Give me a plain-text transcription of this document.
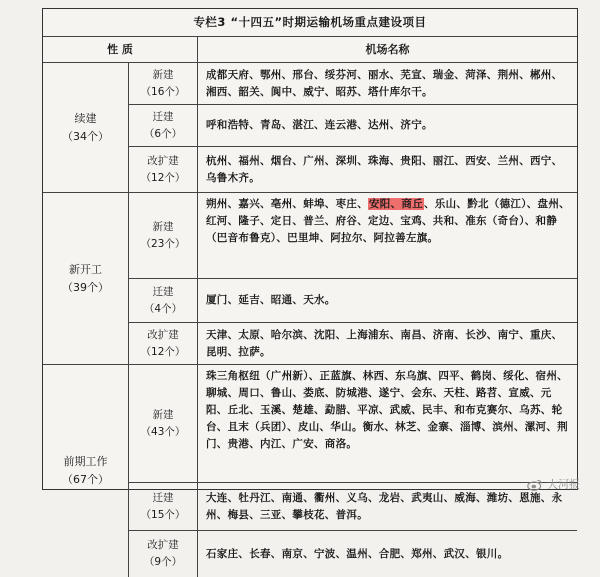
专栏3 “十四五”时期运输机场重点建设项目
性 质	机场名称
续建
（34个）
新建
（16个）
成都天府、鄂州、邢台、绥芬河、丽水、芜宣、瑞金、菏泽、荆州、郴州、湘西、韶关、阆中、威宁、昭苏、塔什库尔干。
迁建
（6个）
呼和浩特、青岛、湛江、连云港、达州、济宁。
改扩建
（12个）
杭州、福州、烟台、广州、深圳、珠海、贵阳、丽江、西安、兰州、西宁、乌鲁木齐。
新开工
（39个）
新建
（23个）
朔州、嘉兴、亳州、蚌埠、枣庄、安阳、商丘、乐山、黔北（德江）、盘州、红河、隆子、定日、普兰、府谷、定边、宝鸡、共和、准东（奇台）、和静（巴音布鲁克）、巴里坤、阿拉尔、阿拉善左旗。
迁建
（4个）
厦门、延吉、昭通、天水。
改扩建
（12个）
天津、太原、哈尔滨、沈阳、上海浦东、南昌、济南、长沙、南宁、重庆、昆明、拉萨。
前期工作
（67个）
新建
（43个）
珠三角枢纽（广州新）、正蓝旗、林西、东乌旗、四平、鹤岗、绥化、宿州、聊城、周口、鲁山、娄底、防城港、遂宁、会东、天柱、路苕、宣威、元阳、丘北、玉溪、楚雄、勐腊、平凉、武威、民丰、和布克赛尔、乌苏、轮台、且末（兵团）、皮山、华山。衡水、林芝、金寨、淄博、滨州、漯河、荆门、贵港、内江、广安、商洛。
迁建
（15个）
大连、牡丹江、南通、衢州、义乌、龙岩、武夷山、威海、潍坊、恩施、永州、梅县、三亚、攀枝花、普洱。
改扩建
（9个）
石家庄、长春、南京、宁波、温州、合肥、郑州、武汉、银川。
大河报
